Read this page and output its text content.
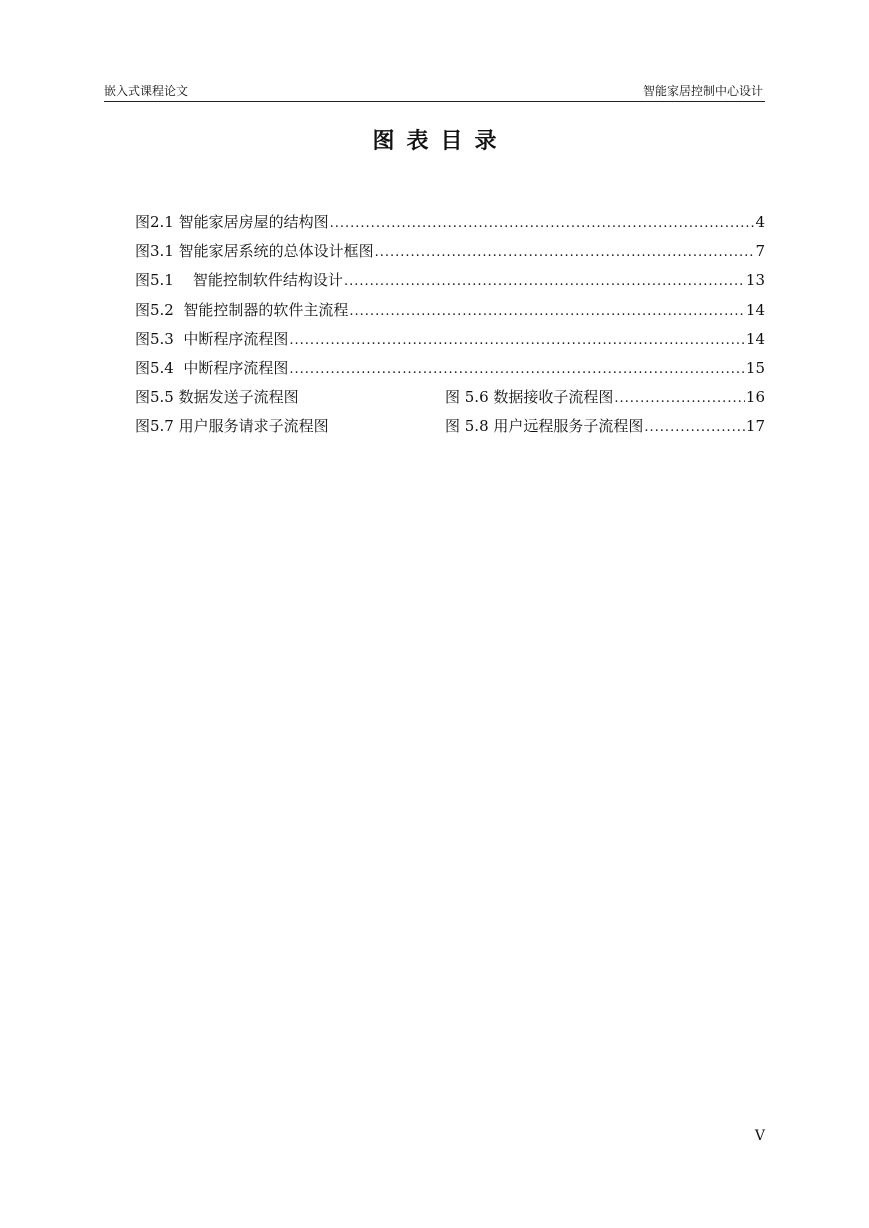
嵌入式课程论文	智能家居控制中心设计
图表目录
图2.1 智能家居房屋的结构图 .....	4
图3.1 智能家居系统的总体设计框图 .....	7
图5.1    智能控制软件结构设计 .....	13
图5.2  智能控制器的软件主流程 .....	14
图5.3  中断程序流程图 .....	14
图5.4  中断程序流程图 .....	15
图5.5 数据发送子流程图	图 5.6 数据接收子流程图 .....	16
图5.7 用户服务请求子流程图	图 5.8 用户远程服务子流程图 .....	17
V
